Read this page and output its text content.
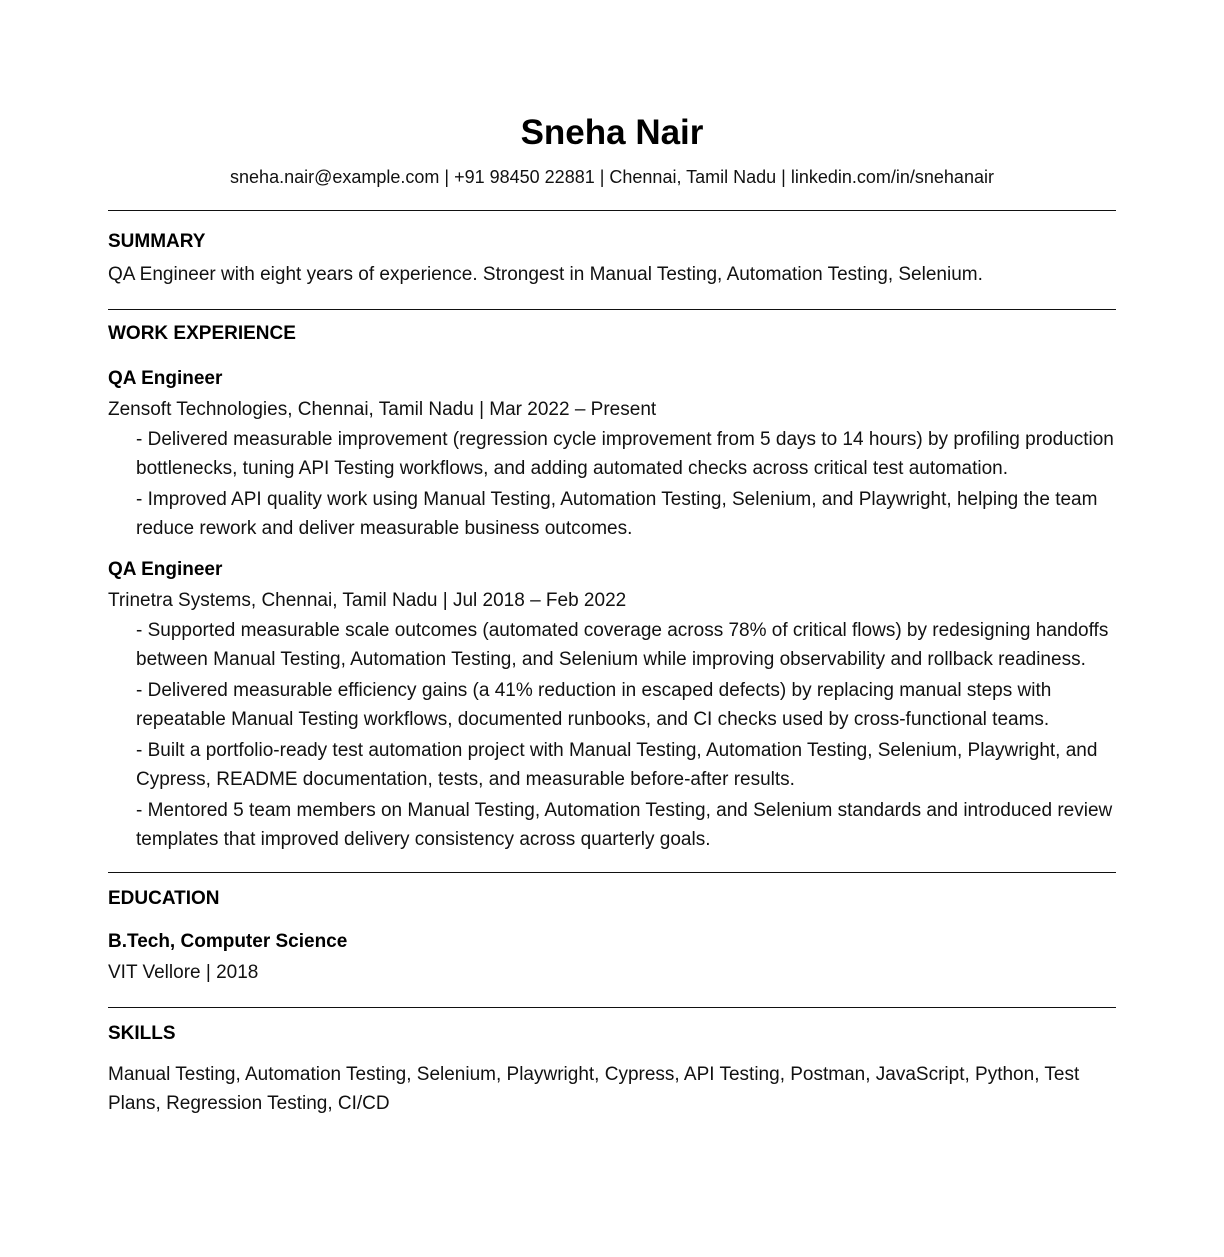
Sneha Nair
sneha.nair@example.com | +91 98450 22881 | Chennai, Tamil Nadu | linkedin.com/in/snehanair
SUMMARY
QA Engineer with eight years of experience. Strongest in Manual Testing, Automation Testing, Selenium.
WORK EXPERIENCE
QA Engineer
Zensoft Technologies, Chennai, Tamil Nadu | Mar 2022 – Present
- Delivered measurable improvement (regression cycle improvement from 5 days to 14 hours) by profiling production bottlenecks, tuning API Testing workflows, and adding automated checks across critical test automation.
- Improved API quality work using Manual Testing, Automation Testing, Selenium, and Playwright, helping the team reduce rework and deliver measurable business outcomes.
QA Engineer
Trinetra Systems, Chennai, Tamil Nadu | Jul 2018 – Feb 2022
- Supported measurable scale outcomes (automated coverage across 78% of critical flows) by redesigning handoffs between Manual Testing, Automation Testing, and Selenium while improving observability and rollback readiness.
- Delivered measurable efficiency gains (a 41% reduction in escaped defects) by replacing manual steps with repeatable Manual Testing workflows, documented runbooks, and CI checks used by cross-functional teams.
- Built a portfolio-ready test automation project with Manual Testing, Automation Testing, Selenium, Playwright, and Cypress, README documentation, tests, and measurable before-after results.
- Mentored 5 team members on Manual Testing, Automation Testing, and Selenium standards and introduced review templates that improved delivery consistency across quarterly goals.
EDUCATION
B.Tech, Computer Science
VIT Vellore | 2018
SKILLS
Manual Testing, Automation Testing, Selenium, Playwright, Cypress, API Testing, Postman, JavaScript, Python, Test Plans, Regression Testing, CI/CD
